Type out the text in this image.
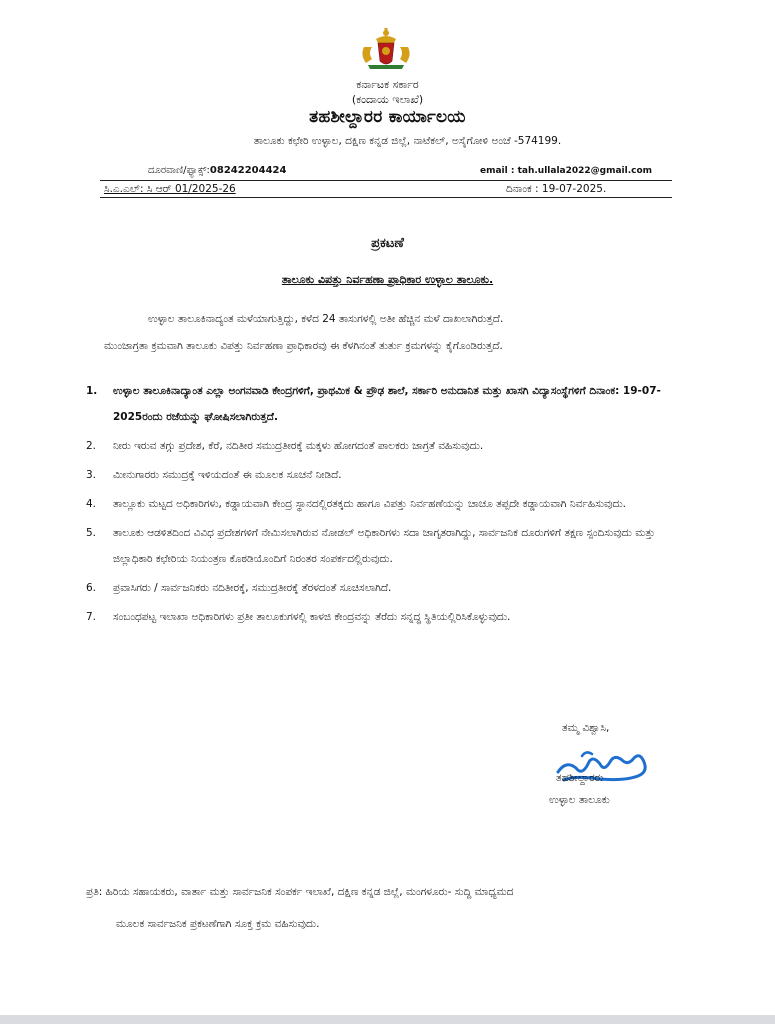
ಕರ್ನಾಟಕ ಸರ್ಕಾರ
(ಕಂದಾಯ ಇಲಾಖೆ)
ತಹಶೀಲ್ದಾರರ ಕಾರ್ಯಾಲಯ
ತಾಲೂಕು ಕಛೇರಿ ಉಳ್ಳಾಲ, ದಕ್ಷಿಣ ಕನ್ನಡ ಜಿಲ್ಲೆ, ನಾಟೆಕಲ್, ಅಸೈಗೋಳಿ ಅಂಚೆ -574199.
ದೂರವಾಣಿ/ಫ್ಯಾಕ್ಸ್:08242204424	email : tah.ullala2022@gmail.com
ಸಿ.ಎ.ಎಲ್: ಸಿ ಆರ್ 01/2025-26	ದಿನಾಂಕ : 19-07-2025.
ಪ್ರಕಟಣೆ
ತಾಲೂಕು ವಿಪತ್ತು ನಿರ್ವಹಣಾ ಪ್ರಾಧಿಕಾರ ಉಳ್ಳಾಲ ತಾಲೂಕು.
ಉಳ್ಳಾಲ ತಾಲೂಕಿನಾದ್ಯಂತ ಮಳೆಯಾಗುತ್ತಿದ್ದು, ಕಳೆದ 24 ತಾಸುಗಳಲ್ಲಿ ಅತೀ ಹೆಚ್ಚಿನ ಮಳೆ ದಾಖಲಾಗಿರುತ್ತದೆ.
ಮುಂಜಾಗ್ರತಾ ಕ್ರಮವಾಗಿ ತಾಲೂಕು ವಿಪತ್ತು ನಿರ್ವಹಣಾ ಪ್ರಾಧಿಕಾರವು ಈ ಕೆಳಗಿನಂತೆ ತುರ್ತು ಕ್ರಮಗಳನ್ನು ಕೈಗೊಂಡಿರುತ್ತದೆ.
1. ಉಳ್ಳಾಲ ತಾಲೂಕಿನಾದ್ಯಾಂತ ಎಲ್ಲಾ ಅಂಗನವಾಡಿ ಕೇಂದ್ರಗಳಿಗೆ, ಪ್ರಾಥಮಿಕ & ಪ್ರೌಢ ಶಾಲೆ, ಸರ್ಕಾರಿ ಅನುದಾನಿತ ಮತ್ತು ಖಾಸಗಿ ವಿದ್ಯಾಸಂಸ್ಥೆಗಳಿಗೆ ದಿನಾಂಕ: 19-07-2025ರಂದು ರಜೆಯನ್ನು ಘೋಷಿಸಲಾಗಿರುತ್ತದೆ.
2. ನೀರು ಇರುವ ತಗ್ಗು ಪ್ರದೇಶ, ಕೆರೆ, ನದಿತೀರ ಸಮುದ್ರತೀರಕ್ಕೆ ಮಕ್ಕಳು ಹೋಗದಂತೆ ಪಾಲಕರು ಜಾಗ್ರತೆ ವಹಿಸುವುದು.
3. ಮೀನುಗಾರರು ಸಮುದ್ರಕ್ಕೆ ಇಳಿಯದಂತೆ ಈ ಮೂಲಕ ಸೂಚನೆ ನೀಡಿದೆ.
4. ತಾಲ್ಲೂಕು ಮಟ್ಟದ ಅಧಿಕಾರಿಗಳು, ಕಡ್ಡಾಯವಾಗಿ ಕೇಂದ್ರ ಸ್ಥಾನದಲ್ಲಿರತಕ್ಕದು ಹಾಗೂ ವಿಪತ್ತು ನಿರ್ವಹಣೆಯನ್ನು ಚಾಚೂ ತಪ್ಪದೇ ಕಡ್ಡಾಯವಾಗಿ ನಿರ್ವಹಿಸುವುದು.
5. ತಾಲೂಕು ಆಡಳಿತದಿಂದ ವಿವಿಧ ಪ್ರದೇಶಗಳಿಗೆ ನೇಮಿಸಲಾಗಿರುವ ನೋಡಲ್ ಅಧಿಕಾರಿಗಳು ಸದಾ ಜಾಗೃತರಾಗಿದ್ದು, ಸಾರ್ವಜನಿಕ ದೂರುಗಳಿಗೆ ತಕ್ಷಣ ಸ್ಪಂದಿಸುವುದು ಮತ್ತು ಜಿಲ್ಲಾಧಿಕಾರಿ ಕಛೇರಿಯ ನಿಯಂತ್ರಣ ಕೊಠಡಿಯೊಂದಿಗೆ ನಿರಂತರ ಸಂಪರ್ಕದಲ್ಲಿರುವುದು.
6. ಪ್ರವಾಸಿಗರು / ಸಾರ್ವಜನಿಕರು ನದಿತೀರಕ್ಕೆ, ಸಮುದ್ರತೀರಕ್ಕೆ ತೆರಳದಂತೆ ಸೂಚಿಸಲಾಗಿದೆ.
7. ಸಂಬಂಧಪಟ್ಟ ಇಲಾಖಾ ಅಧಿಕಾರಿಗಳು ಪ್ರತೀ ತಾಲೂಕುಗಳಲ್ಲಿ ಕಾಳಜಿ ಕೇಂದ್ರವನ್ನು ತೆರೆದು ಸನ್ನದ್ಧ ಸ್ಥಿತಿಯಲ್ಲಿರಿಸಿಕೊಳ್ಳುವುದು.
ತಮ್ಮ ವಿಶ್ವಾಸಿ,
ತಹಶೀಲ್ದಾರರು
ಉಳ್ಳಾಲ ತಾಲೂಕು
ಪ್ರತಿ: ಹಿರಿಯ ಸಹಾಯಕರು, ವಾರ್ತಾ ಮತ್ತು ಸಾರ್ವಜನಿಕ ಸಂಪರ್ಕ ಇಲಾಖೆ, ದಕ್ಷಿಣ ಕನ್ನಡ ಜಿಲ್ಲೆ, ಮಂಗಳೂರು- ಸುದ್ದಿ ಮಾಧ್ಯಮದ
ಮೂಲಕ ಸಾರ್ವಜನಿಕ ಪ್ರಕಟಣೆಗಾಗಿ ಸೂಕ್ತ ಕ್ರಮ ವಹಿಸುವುದು.
